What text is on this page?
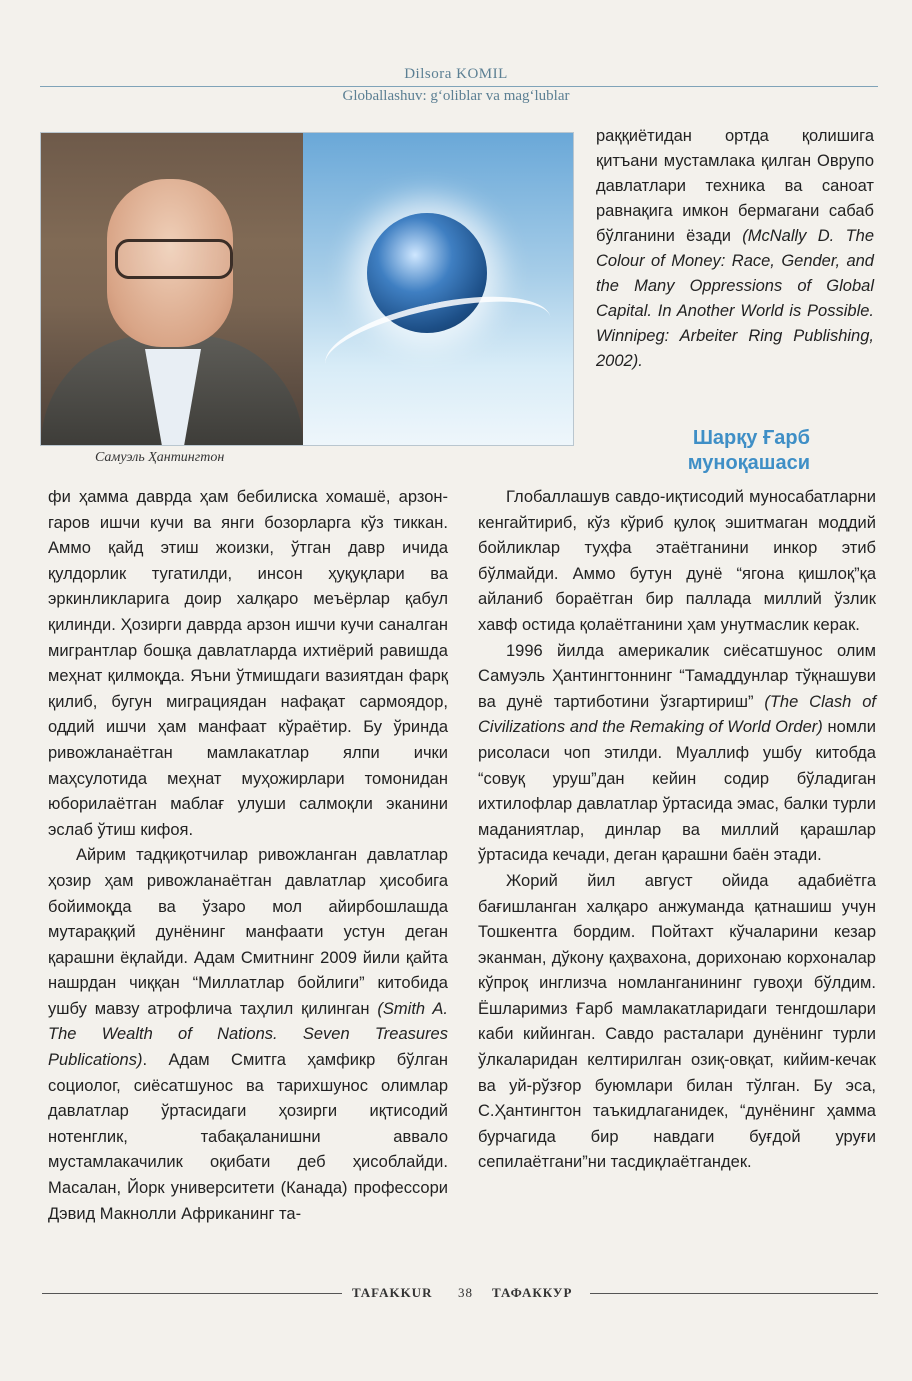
Dilsora KOMIL
Globallashuv: g‘oliblar va mag‘lublar
Самуэль Ҳантингтон

раққиётидан ортда қолишига қитъани мустамлака қилган Оврупо давлатлари техника ва саноат равнақига имкон бермагани сабаб бўлганини ёзади (McNally D. The Colour of Money: Race, Gender, and the Many Oppressions of Global Capital. In Another World is Possible. Winnipeg: Arbeiter Ring Publishing, 2002).

Шарқу Ғарб
муноқашаси

фи ҳамма даврда ҳам бебилиска хомашё, арзон-гаров ишчи кучи ва янги бозорларга кўз тиккан. Аммо қайд этиш жоизки, ўтган давр ичида қулдорлик тугатилди, инсон ҳуқуқлари ва эркинликларига доир халқаро меъёрлар қабул қилинди. Ҳозирги даврда арзон ишчи кучи саналган мигрантлар бошқа давлатларда ихтиёрий равишда меҳнат қилмоқда. Яъни ўтмишдаги вазиятдан фарқ қилиб, бугун миграциядан нафақат сармоядор, оддий ишчи ҳам манфаат кўраётир. Бу ўринда ривожланаётган мамлакатлар ялпи ички маҳсулотида меҳнат муҳожирлари томонидан юборилаётган маблағ улуши салмоқли эканини эслаб ўтиш кифоя.

Айрим тадқиқотчилар ривожланган давлатлар ҳозир ҳам ривожланаётган давлатлар ҳисобига бойимоқда ва ўзаро мол айирбошлашда мутараққий дунёнинг манфаати устун деган қарашни ёқлайди. Адам Смитнинг 2009 йили қайта нашрдан чиққан “Миллатлар бойлиги” китобида ушбу мавзу атрофлича таҳлил қилинган (Smith A. The Wealth of Nations. Seven Treasures Publications). Адам Смитга ҳамфикр бўлган социолог, сиёсатшунос ва тарихшунос олимлар давлатлар ўртасидаги ҳозирги иқтисодий нотенглик, табақаланишни аввало мустамлакачилик оқибати деб ҳисоблайди. Масалан, Йорк университети (Канада) профессори Дэвид Макнолли Африканинг та-

Глобаллашув савдо-иқтисодий муносабатларни кенгайтириб, кўз кўриб қулоқ эшитмаган моддий бойликлар туҳфа этаётганини инкор этиб бўлмайди. Аммо бутун дунё “ягона қишлоқ”қа айланиб бораётган бир паллада миллий ўзлик хавф остида қолаётганини ҳам унутмаслик керак.

1996 йилда америкалик сиёсатшунос олим Самуэль Ҳантингтоннинг “Тамаддунлар тўқнашуви ва дунё тартиботини ўзгартириш” (The Clash of Civilizations and the Remaking of World Order) номли рисоласи чоп этилди. Муаллиф ушбу китобда “совуқ уруш”дан кейин содир бўладиган ихтилофлар давлатлар ўртасида эмас, балки турли маданиятлар, динлар ва миллий қарашлар ўртасида кечади, деган қарашни баён этади.

Жорий йил август ойида адабиётга бағишланган халқаро анжуманда қатнашиш учун Тошкентга бордим. Пойтахт кўчаларини кезар эканман, дўкону қаҳвахона, дорихонаю корхоналар кўпроқ инглизча номланганининг гувоҳи бўлдим. Ёшларимиз Ғарб мамлакатларидаги тенгдошлари каби кийинган. Савдо расталари дунёнинг турли ўлкаларидан келтирилган озиқ-овқат, кийим-кечак ва уй-рўзғор буюмлари билан тўлган. Бу эса, С.Ҳантингтон таъкидлаганидек, “дунёнинг ҳамма бурчагида бир навдаги буғдой уруғи сепилаётгани”ни тасдиқлаётгандек.

TAFAKKUR 38 ТАФАККУР
